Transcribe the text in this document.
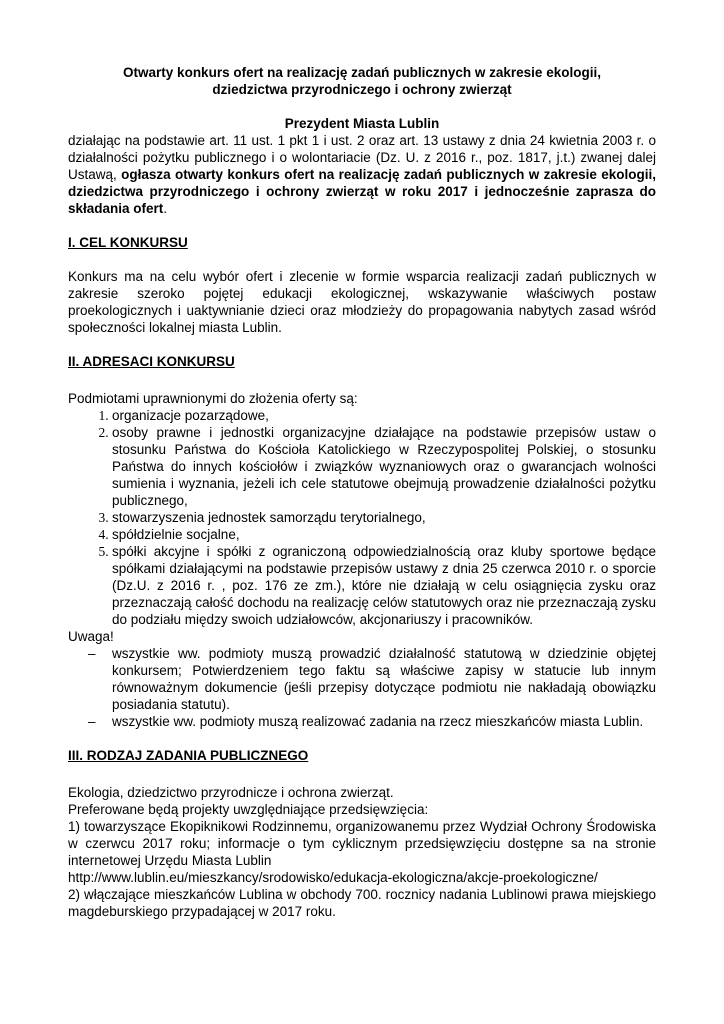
Otwarty konkurs ofert na realizację zadań publicznych w zakresie ekologii,

dziedzictwa przyrodniczego i ochrony zwierząt

Prezydent Miasta Lublin

działając na podstawie art. 11 ust. 1 pkt 1 i ust. 2 oraz art. 13 ustawy z dnia 24 kwietnia 2003 r. o działalności pożytku publicznego i o wolontariacie (Dz. U. z 2016 r., poz. 1817, j.t.) zwanej dalej Ustawą, ogłasza otwarty konkurs ofert na realizację zadań publicznych w zakresie ekologii, dziedzictwa przyrodniczego i ochrony zwierząt w roku 2017 i jednocześnie zaprasza do składania ofert.

I. CEL KONKURSU

Konkurs ma na celu wybór ofert i zlecenie w formie wsparcia realizacji zadań publicznych w zakresie szeroko pojętej edukacji ekologicznej, wskazywanie właściwych postaw proekologicznych i uaktywnianie dzieci oraz młodzieży do propagowania nabytych zasad wśród społeczności lokalnej miasta Lublin.

II. ADRESACI KONKURSU

Podmiotami uprawnionymi do złożenia oferty są:

1. organizacje pozarządowe,
2. osoby prawne i jednostki organizacyjne działające na podstawie przepisów ustaw o stosunku Państwa do Kościoła Katolickiego w Rzeczypospolitej Polskiej, o stosunku Państwa do innych kościołów i związków wyznaniowych oraz o gwarancjach wolności sumienia i wyznania, jeżeli ich cele statutowe obejmują prowadzenie działalności pożytku publicznego,
3. stowarzyszenia jednostek samorządu terytorialnego,
4. spółdzielnie socjalne,
5. spółki akcyjne i spółki z ograniczoną odpowiedzialnością oraz kluby sportowe będące spółkami działającymi na podstawie przepisów ustawy z dnia 25 czerwca 2010 r. o sporcie (Dz.U. z 2016 r. , poz. 176 ze zm.), które nie działają w celu osiągnięcia zysku oraz przeznaczają całość dochodu na realizację celów statutowych oraz nie przeznaczają zysku do podziału między swoich udziałowców, akcjonariuszy i pracowników.

Uwaga!

– wszystkie ww. podmioty muszą prowadzić działalność statutową w dziedzinie objętej konkursem; Potwierdzeniem tego faktu są właściwe zapisy w statucie lub innym równoważnym dokumencie (jeśli przepisy dotyczące podmiotu nie nakładają obowiązku posiadania statutu).
– wszystkie ww. podmioty muszą realizować zadania na rzecz mieszkańców miasta Lublin.

III. RODZAJ ZADANIA PUBLICZNEGO

Ekologia, dziedzictwo przyrodnicze i ochrona zwierząt.

Preferowane będą projekty uwzględniające przedsięwzięcia:

1) towarzyszące Ekopiknikowi Rodzinnemu, organizowanemu przez Wydział Ochrony Środowiska w czerwcu 2017 roku; informacje o tym cyklicznym przedsięwzięciu dostępne sa na stronie internetowej Urzędu Miasta Lublin

http://www.lublin.eu/mieszkancy/srodowisko/edukacja-ekologiczna/akcje-proekologiczne/

2) włączające mieszkańców Lublina w obchody 700. rocznicy nadania Lublinowi prawa miejskiego magdeburskiego przypadającej w 2017 roku.
